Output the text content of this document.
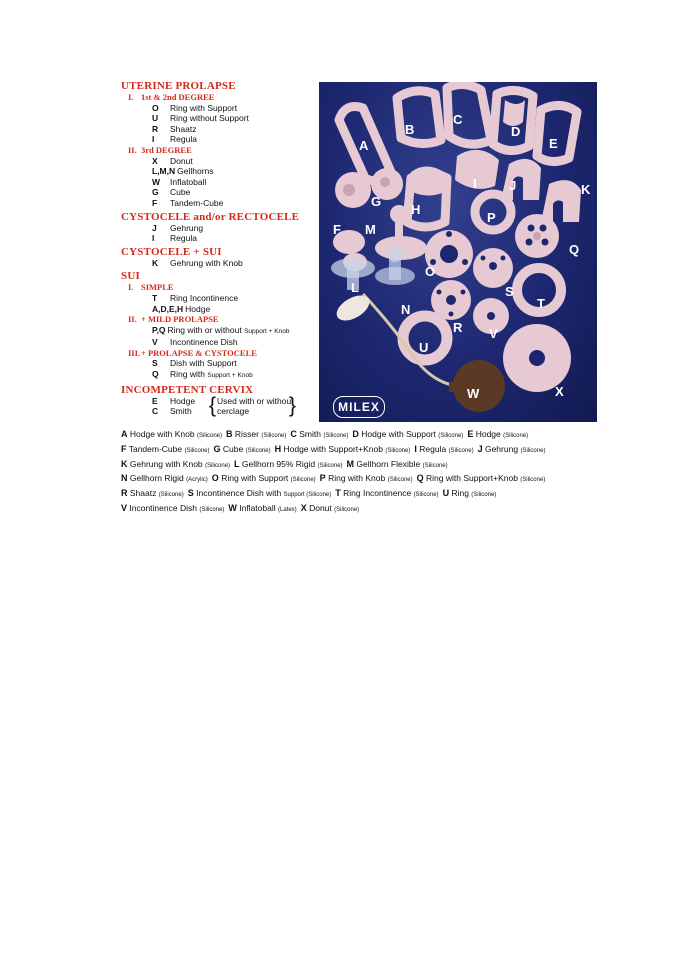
UTERINE PROLAPSE
I. 1st & 2nd DEGREE
O Ring with Support
U Ring without Support
R Shaatz
I Regula
II. 3rd DEGREE
X Donut
L,M,N Gellhorns
W Inflatoball
G Cube
F Tandem-Cube
CYSTOCELE and/or RECTOCELE
J Gehrung
I Regula
CYSTOCELE + SUI
K Gehrung with Knob
SUI
I. SIMPLE
T Ring Incontinence
A,D,E,H Hodge
II. + MILD PROLAPSE
P,Q Ring with or without Support + Knob
V Incontinence Dish
III.+ PROLAPSE & CYSTOCELE
S Dish with Support
Q Ring with Support + Knob
INCOMPETENT CERVIX
E Hodge
C Smith {	}
Used with or without
cerclage
A
B
C
D
E
F
G
H
I J	K
L
M
N
O
P
Q
R
S
T
U
V
W	X
MILEX
A Hodge with Knob (Silicone) B Risser (Silicone) C Smith (Silicone) D Hodge with Support (Silicone) E Hodge (Silicone)
F Tandem-Cube (Silicone) G Cube (Silicone) H Hodge with Support+Knob (Silicone) I Regula (Silicone) J Gehrung (Silicone)
K Gehrung with Knob (Silicone) L Gellhorn 95% Rigid (Silicone) M Gellhorn Flexible (Silicone)
N Gellhorn Rigid (Acrylic) O Ring with Support (Silicone) P Ring with Knob (Silicone) Q Ring with Support+Knob (Silicone)
R Shaatz (Silicone) S Incontinence Dish with Support (Silicone) T Ring Incontinence (Silicone) U Ring (Silicone)
V Incontinence Dish (Silicone) W Inflatoball (Latex) X Donut (Silicone)
